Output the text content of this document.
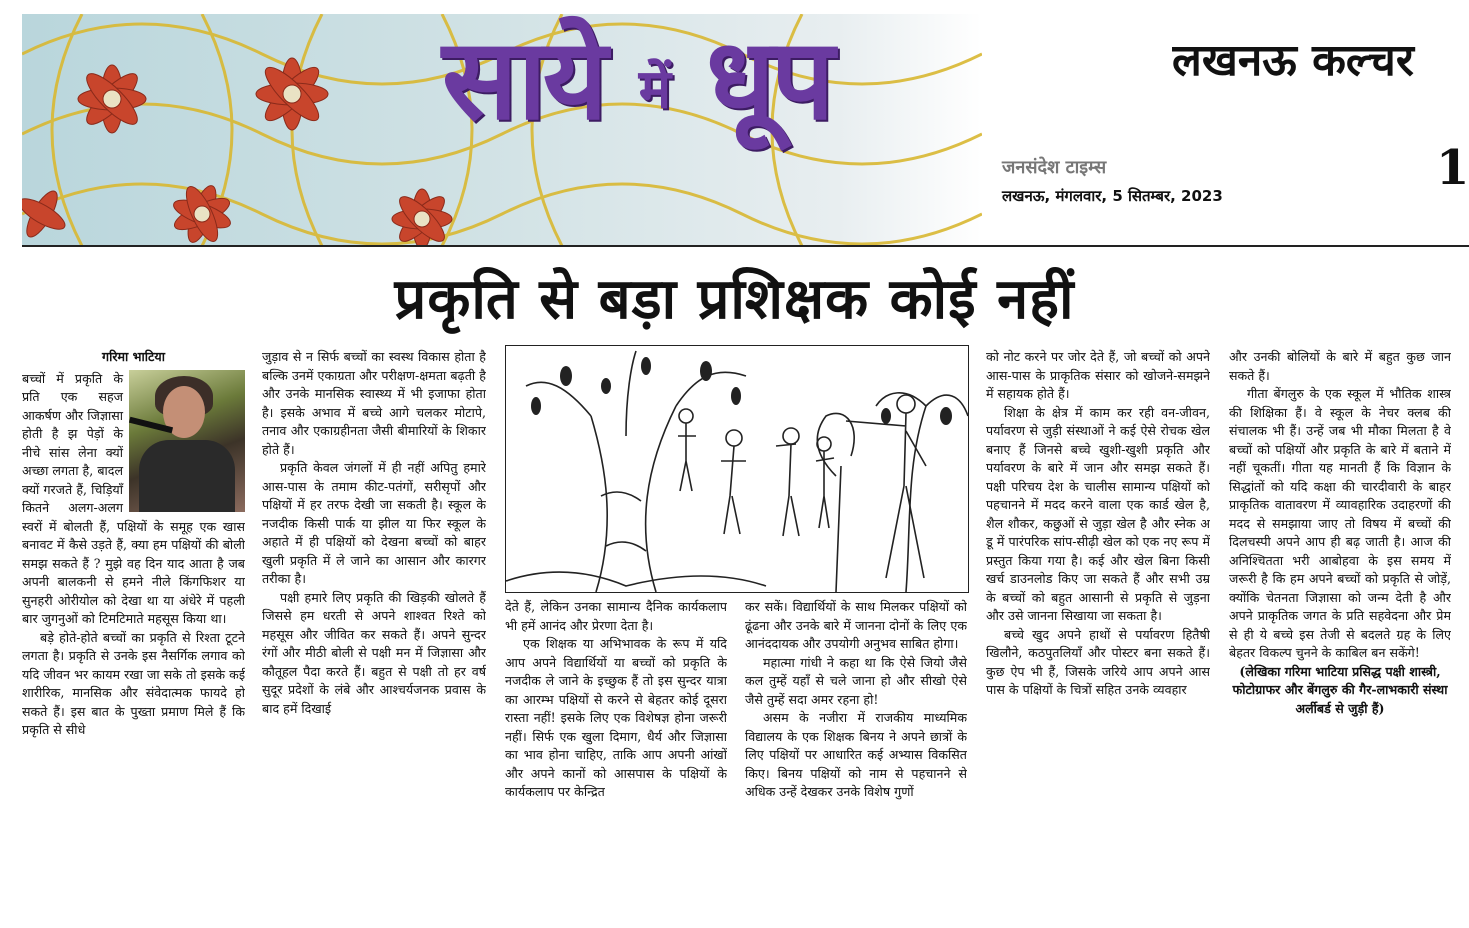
साये में धूप	लखनऊ कल्चर
जनसंदेश टाइम्स
लखनऊ, मंगलवार, 5 सितम्बर, 2023	1
प्रकृति से बड़ा प्रशिक्षक कोई नहीं
गरिमा भाटिया

बच्चों में प्रकृति के प्रति एक सहज आकर्षण और जिज्ञासा होती है झ पेड़ों के नीचे सांस लेना क्यों अच्छा लगता है, बादल क्यों गरजते हैं, चिड़ियाँ कितने अलग-अलग स्वरों में बोलती हैं, पक्षियों के समूह एक खास बनावट में कैसे उड़ते हैं, क्या हम पक्षियों की बोली समझ सकते हैं ? मुझे वह दिन याद आता है जब अपनी बालकनी से हमने नीले किंगफिशर या सुनहरी ओरीयोल को देखा था या अंधेरे में पहली बार जुगनुओं को टिमटिमाते महसूस किया था।

बड़े होते-होते बच्चों का प्रकृति से रिश्ता टूटने लगता है। प्रकृति से उनके इस नैसर्गिक लगाव को यदि जीवन भर कायम रखा जा सके तो इसके कई शारीरिक, मानसिक और संवेदात्मक फायदे हो सकते हैं। इस बात के पुख्ता प्रमाण मिले हैं कि प्रकृति से सीधे

जुड़ाव से न सिर्फ बच्चों का स्वस्थ विकास होता है बल्कि उनमें एकाग्रता और परीक्षण-क्षमता बढ़ती है और उनके मानसिक स्वास्थ्य में भी इजाफा होता है। इसके अभाव में बच्चे आगे चलकर मोटापे, तनाव और एकाग्रहीनता जैसी बीमारियों के शिकार होते हैं।

प्रकृति केवल जंगलों में ही नहीं अपितु हमारे आस-पास के तमाम कीट-पतंगों, सरीसृपों और पक्षियों में हर तरफ देखी जा सकती है। स्कूल के नजदीक किसी पार्क या झील या फिर स्कूल के अहाते में ही पक्षियों को देखना बच्चों को बाहर खुली प्रकृति में ले जाने का आसान और कारगर तरीका है।

पक्षी हमारे लिए प्रकृति की खिड़की खोलते हैं जिससे हम धरती से अपने शाश्वत रिश्ते को महसूस और जीवित कर सकते हैं। अपने सुन्दर रंगों और मीठी बोली से पक्षी मन में जिज्ञासा और कौतूहल पैदा करते हैं। बहुत से पक्षी तो हर वर्ष सुदूर प्रदेशों के लंबे और आश्चर्यजनक प्रवास के बाद हमें दिखाई

देते हैं, लेकिन उनका सामान्य दैनिक कार्यकलाप भी हमें आनंद और प्रेरणा देता है।

एक शिक्षक या अभिभावक के रूप में यदि आप अपने विद्यार्थियों या बच्चों को प्रकृति के नजदीक ले जाने के इच्छुक हैं तो इस सुन्दर यात्रा का आरम्भ पक्षियों से करने से बेहतर कोई दूसरा रास्ता नहीं! इसके लिए एक विशेषज्ञ होना जरूरी नहीं। सिर्फ एक खुला दिमाग, धैर्य और जिज्ञासा का भाव होना चाहिए, ताकि आप अपनी आंखों और अपने कानों को आसपास के पक्षियों के कार्यकलाप पर केन्द्रित

कर सकें। विद्यार्थियों के साथ मिलकर पक्षियों को ढूंढना और उनके बारे में जानना दोनों के लिए एक आनंददायक और उपयोगी अनुभव साबित होगा।

महात्मा गांधी ने कहा था कि ऐसे जियो जैसे कल तुम्हें यहाँ से चले जाना हो और सीखो ऐसे जैसे तुम्हें सदा अमर रहना हो!

असम के नजीरा में राजकीय माध्यमिक विद्यालय के एक शिक्षक बिनय ने अपने छात्रों के लिए पक्षियों पर आधारित कई अभ्यास विकसित किए। बिनय पक्षियों को नाम से पहचानने से अधिक उन्हें देखकर उनके विशेष गुणों

को नोट करने पर जोर देते हैं, जो बच्चों को अपने आस-पास के प्राकृतिक संसार को खोजने-समझने में सहायक होते हैं।

शिक्षा के क्षेत्र में काम कर रही वन-जीवन, पर्यावरण से जुड़ी संस्थाओं ने कई ऐसे रोचक खेल बनाए हैं जिनसे बच्चे खुशी-खुशी प्रकृति और पर्यावरण के बारे में जान और समझ सकते हैं। पक्षी परिचय देश के चालीस सामान्य पक्षियों को पहचानने में मदद करने वाला एक कार्ड खेल है, शैल शौकर, कछुओं से जुड़ा खेल है और स्नेक अ डू में पारंपरिक सांप-सीढ़ी खेल को एक नए रूप में प्रस्तुत किया गया है। कई और खेल बिना किसी खर्च डाउनलोड किए जा सकते हैं और सभी उम्र के बच्चों को बहुत आसानी से प्रकृति से जुड़ना और उसे जानना सिखाया जा सकता है।

बच्चे खुद अपने हाथों से पर्यावरण हितैषी खिलौने, कठपुतलियाँ और पोस्टर बना सकते हैं। कुछ ऐप भी हैं, जिसके जरिये आप अपने आस पास के पक्षियों के चित्रों सहित उनके व्यवहार

और उनकी बोलियों के बारे में बहुत कुछ जान सकते हैं।

गीता बेंगलुरु के एक स्कूल में भौतिक शास्त्र की शिक्षिका हैं। वे स्कूल के नेचर क्लब की संचालक भी हैं। उन्हें जब भी मौका मिलता है वे बच्चों को पक्षियों और प्रकृति के बारे में बताने में नहीं चूकतीं। गीता यह मानती हैं कि विज्ञान के सिद्धांतों को यदि कक्षा की चारदीवारी के बाहर प्राकृतिक वातावरण में व्यावहारिक उदाहरणों की मदद से समझाया जाए तो विषय में बच्चों की दिलचस्पी अपने आप ही बढ़ जाती है। आज की अनिश्चितता भरी आबोहवा के इस समय में जरूरी है कि हम अपने बच्चों को प्रकृति से जोड़ें, क्योंकि चेतनता जिज्ञासा को जन्म देती है और अपने प्राकृतिक जगत के प्रति सहवेदना और प्रेम से ही ये बच्चे इस तेजी से बदलते ग्रह के लिए बेहतर विकल्प चुनने के काबिल बन सकेंगे!

(लेखिका गरिमा भाटिया प्रसिद्ध पक्षी शास्त्री, फोटोग्राफर और बेंगलुरु की गैर-लाभकारी संस्था अर्लीबर्ड से जुड़ी हैं)
